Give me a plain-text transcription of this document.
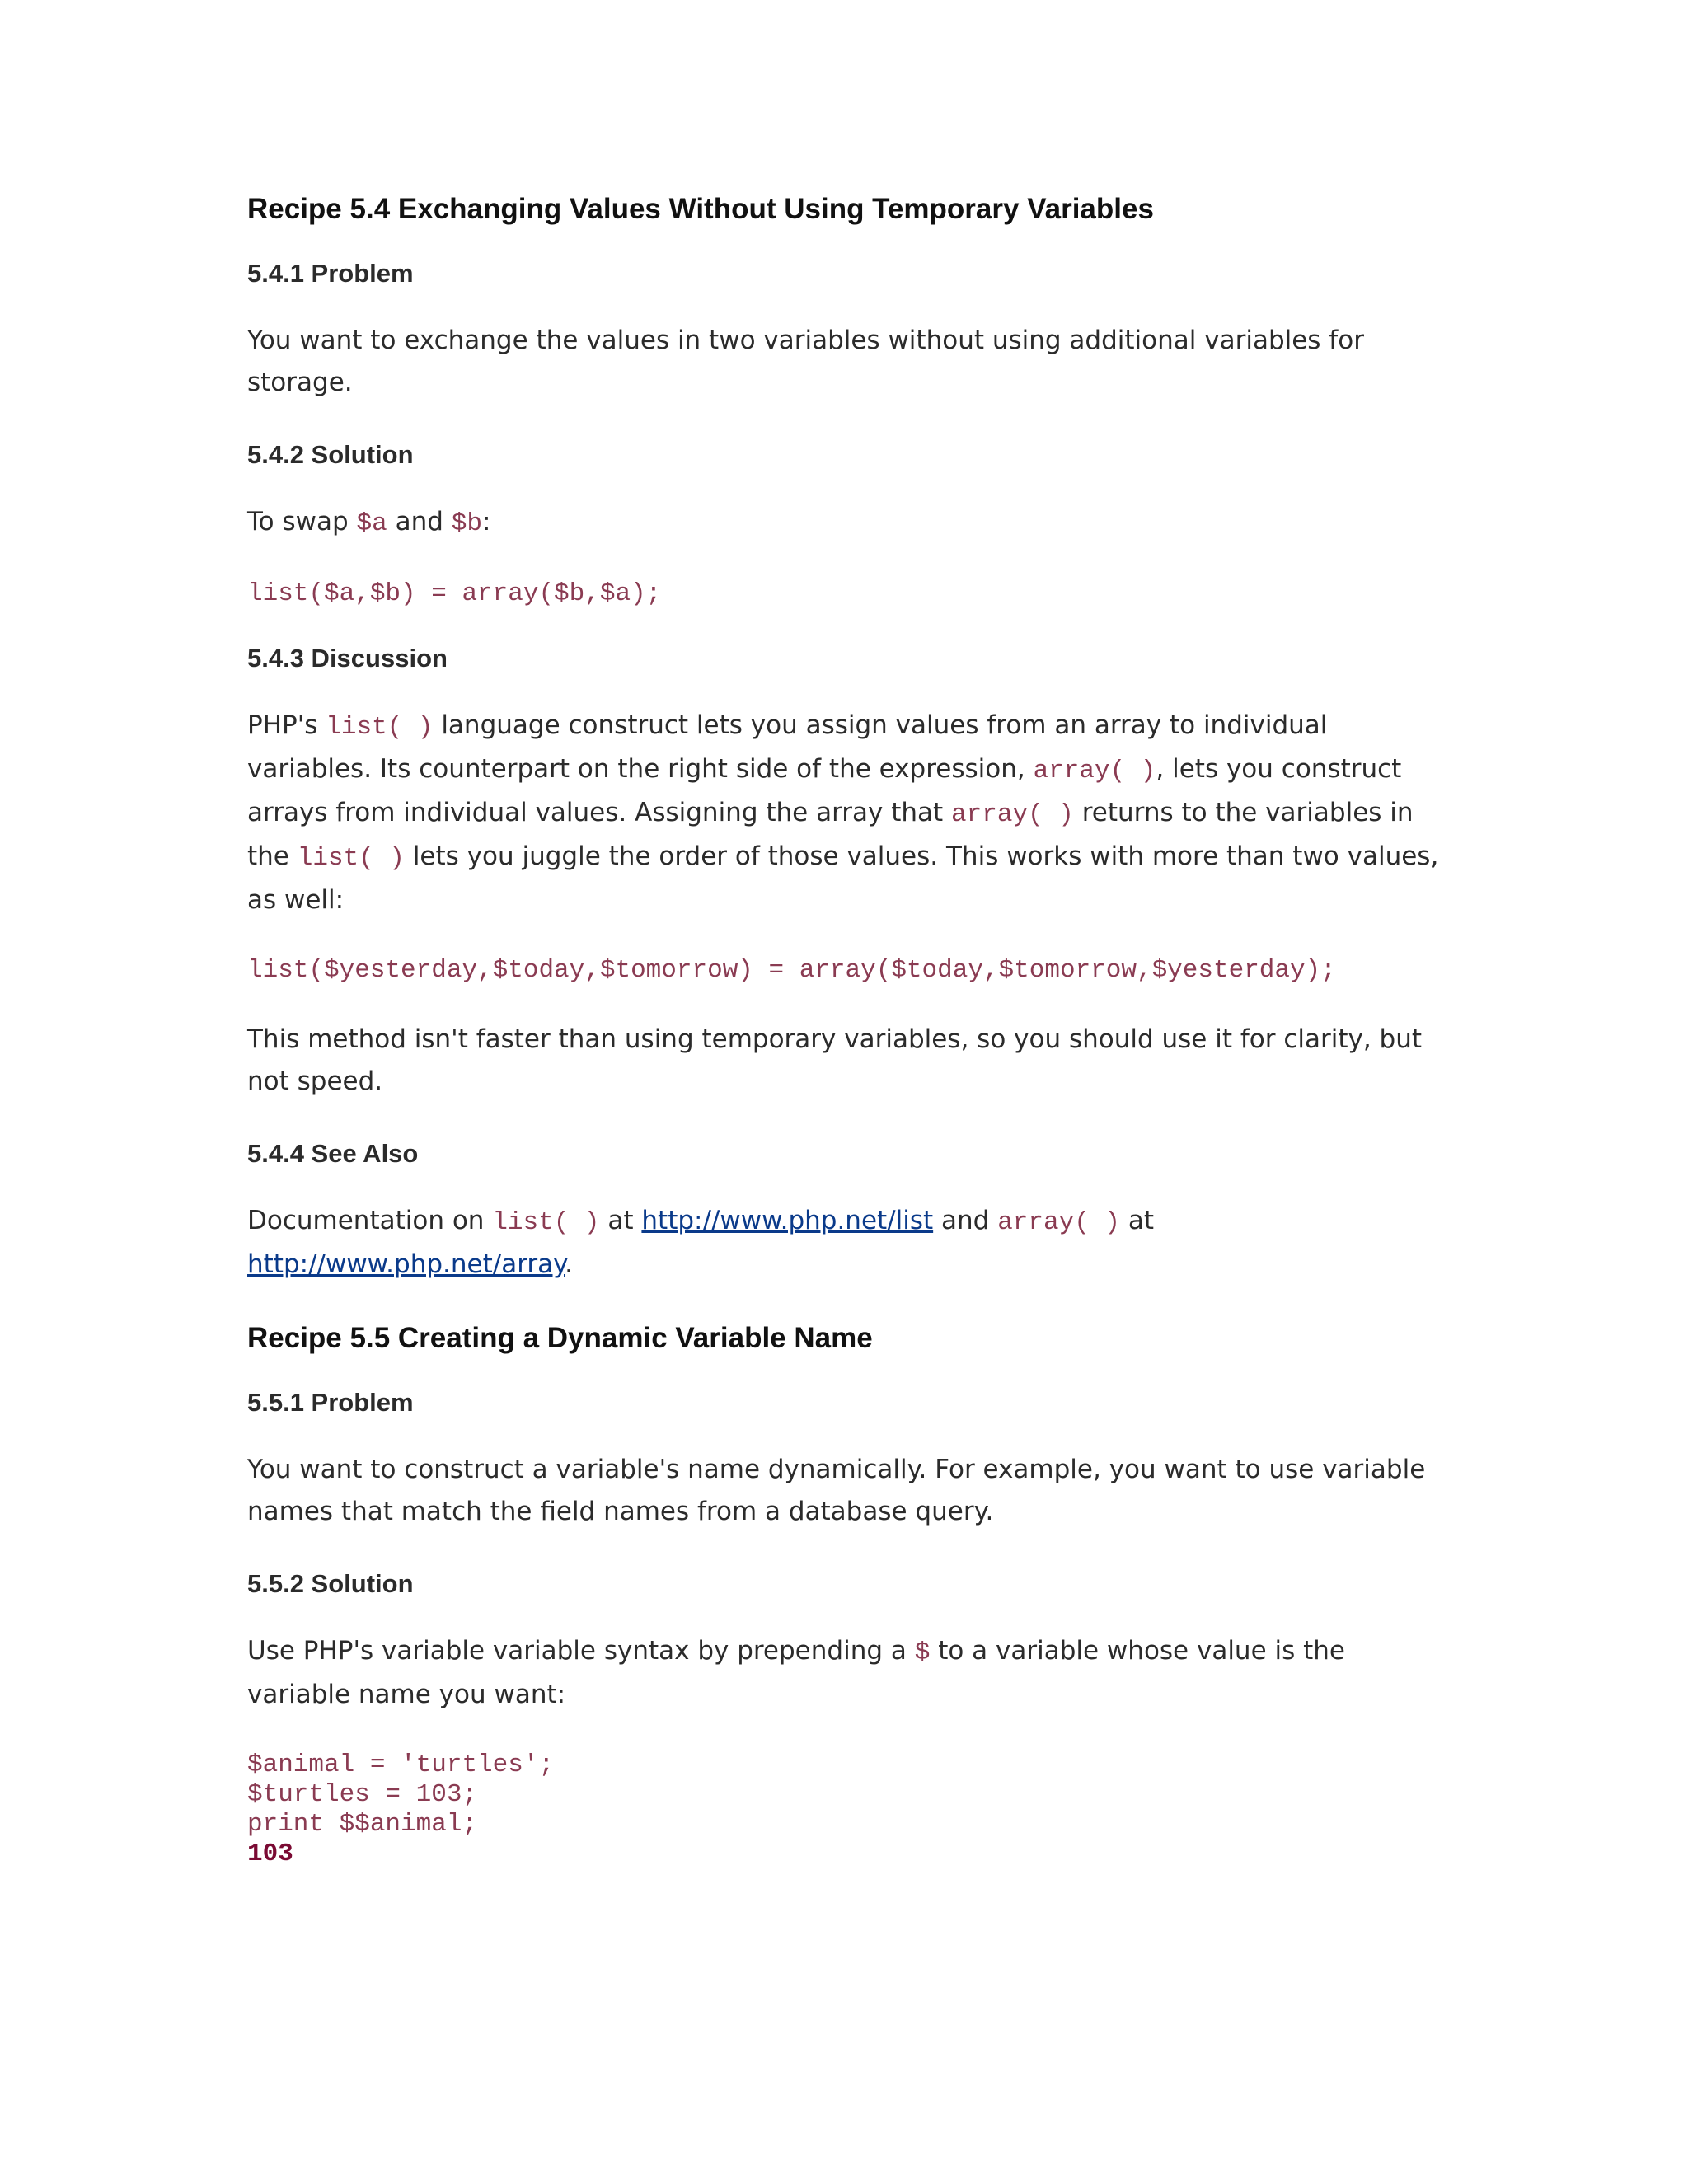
Recipe 5.4 Exchanging Values Without Using Temporary Variables
5.4.1 Problem

You want to exchange the values in two variables without using additional variables for storage.

5.4.2 Solution

To swap $a and $b:

list($a,$b) = array($b,$a);
5.4.3 Discussion

PHP's list( ) language construct lets you assign values from an array to individual variables. Its counterpart on the right side of the expression, array( ), lets you construct arrays from individual values. Assigning the array that array( ) returns to the variables in the list( ) lets you juggle the order of those values. This works with more than two values, as well:

list($yesterday,$today,$tomorrow) = array($today,$tomorrow,$yesterday);

This method isn't faster than using temporary variables, so you should use it for clarity, but not speed.

5.4.4 See Also

Documentation on list( ) at http://www.php.net/list and array( ) at
http://www.php.net/array.

Recipe 5.5 Creating a Dynamic Variable Name
5.5.1 Problem

You want to construct a variable's name dynamically. For example, you want to use variable names that match the field names from a database query.

5.5.2 Solution

Use PHP's variable variable syntax by prepending a $ to a variable whose value is the variable name you want:

$animal = 'turtles';
$turtles = 103;
print $$animal;
103
